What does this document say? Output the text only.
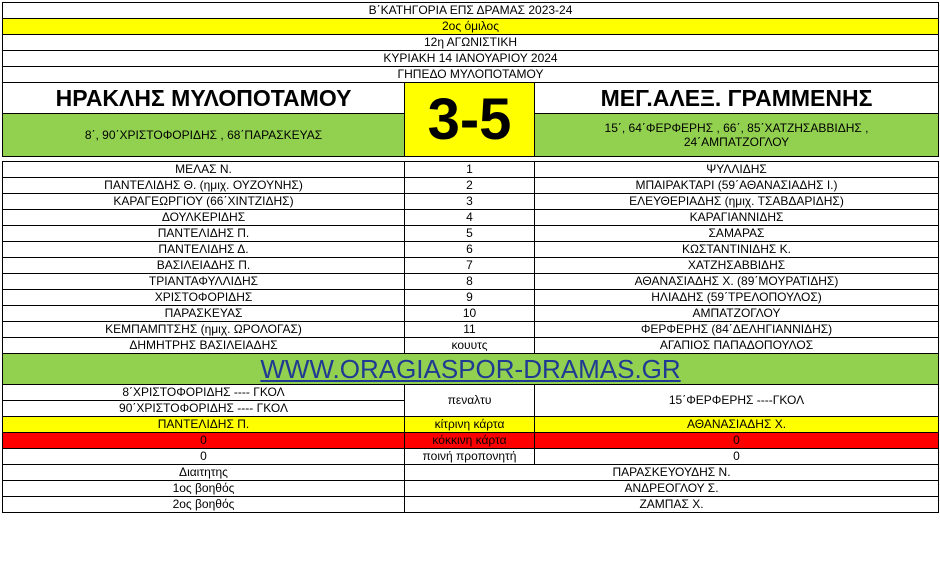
Β΄ΚΑΤΗΓΟΡΙΑ ΕΠΣ ΔΡΑΜΑΣ 2023-24		
2ος όμιλος		
12η ΑΓΩΝΙΣΤΙΚΗ		
ΚΥΡΙΑΚΗ 14 ΙΑΝΟΥΑΡΙΟΥ 2024		
ΓΗΠΕΔΟ ΜΥΛΟΠΟΤΑΜΟΥ		
ΗΡΑΚΛΗΣ ΜΥΛΟΠΟΤΑΜΟΥ	3-5	ΜΕΓ.ΑΛΕΞ. ΓΡΑΜΜΕΝΗΣ
8΄, 90΄ΧΡΙΣΤΟΦΟΡΙΔΗΣ , 68΄ΠΑΡΑΣΚΕΥΑΣ		15΄, 64΄ΦΕΡΦΕΡΗΣ , 66΄, 85΄ΧΑΤΖΗΣΑΒΒΙΔΗΣ ,
24΄ΑΜΠΑΤΖΟΓΛΟΥ

ΜΕΛΑΣ Ν.	1	ΨΥΛΛΙΔΗΣ
ΠΑΝΤΕΛΙΔΗΣ Θ. (ημιχ. ΟΥΖΟΥΝΗΣ)	2	ΜΠΑΙΡΑΚΤΑΡΙ (59΄ΑΘΑΝΑΣΙΑΔΗΣ Ι.)
ΚΑΡΑΓΕΩΡΓΙΟΥ (66΄ΧΙΝΤΖΙΔΗΣ)	3	ΕΛΕΥΘΕΡΙΑΔΗΣ (ημιχ. ΤΣΑΒΔΑΡΙΔΗΣ)
ΔΟΥΛΚΕΡΙΔΗΣ	4	ΚΑΡΑΓΙΑΝΝΙΔΗΣ
ΠΑΝΤΕΛΙΔΗΣ Π.	5	ΣΑΜΑΡΑΣ
ΠΑΝΤΕΛΙΔΗΣ Δ.	6	ΚΩΣΤΑΝΤΙΝΙΔΗΣ Κ.
ΒΑΣΙΛΕΙΑΔΗΣ Π.	7	ΧΑΤΖΗΣΑΒΒΙΔΗΣ
ΤΡΙΑΝΤΑΦΥΛΛΙΔΗΣ	8	ΑΘΑΝΑΣΙΑΔΗΣ Χ. (89΄ΜΟΥΡΑΤΙΔΗΣ)
ΧΡΙΣΤΟΦΟΡΙΔΗΣ	9	ΗΛΙΑΔΗΣ (59΄ΤΡΕΛΟΠΟΥΛΟΣ)
ΠΑΡΑΣΚΕΥΑΣ	10	ΑΜΠΑΤΖΟΓΛΟΥ
ΚΕΜΠΑΜΠΤΣΗΣ (ημιχ. ΩΡΟΛΟΓΑΣ)	11	ΦΕΡΦΕΡΗΣ (84΄ΔΕΛΗΓΙΑΝΝΙΔΗΣ)
ΔΗΜΗΤΡΗΣ ΒΑΣΙΛΕΙΑΔΗΣ	κουυτς	ΑΓΑΠΙΟΣ ΠΑΠΑΔΟΠΟΥΛΟΣ
WWW.ORAGIASPOR-DRAMAS.GR		
8΄ΧΡΙΣΤΟΦΟΡΙΔΗΣ ---- ΓΚΟΛ	πεναλτυ	15΄ΦΕΡΦΕΡΗΣ ----ΓΚΟΛ
90΄ΧΡΙΣΤΟΦΟΡΙΔΗΣ ---- ΓΚΟΛ		
ΠΑΝΤΕΛΙΔΗΣ Π.	κίτρινη κάρτα	ΑΘΑΝΑΣΙΑΔΗΣ Χ.
0	κόκκινη κάρτα	0
0	ποινή προπονητή	0
Διαιτητης	ΠΑΡΑΣΚΕΥΟΥΔΗΣ Ν.	
1ος βοηθός	ΑΝΔΡΕΟΓΛΟΥ Σ.	
2ος βοηθός	ΖΑΜΠΑΣ Χ.	
